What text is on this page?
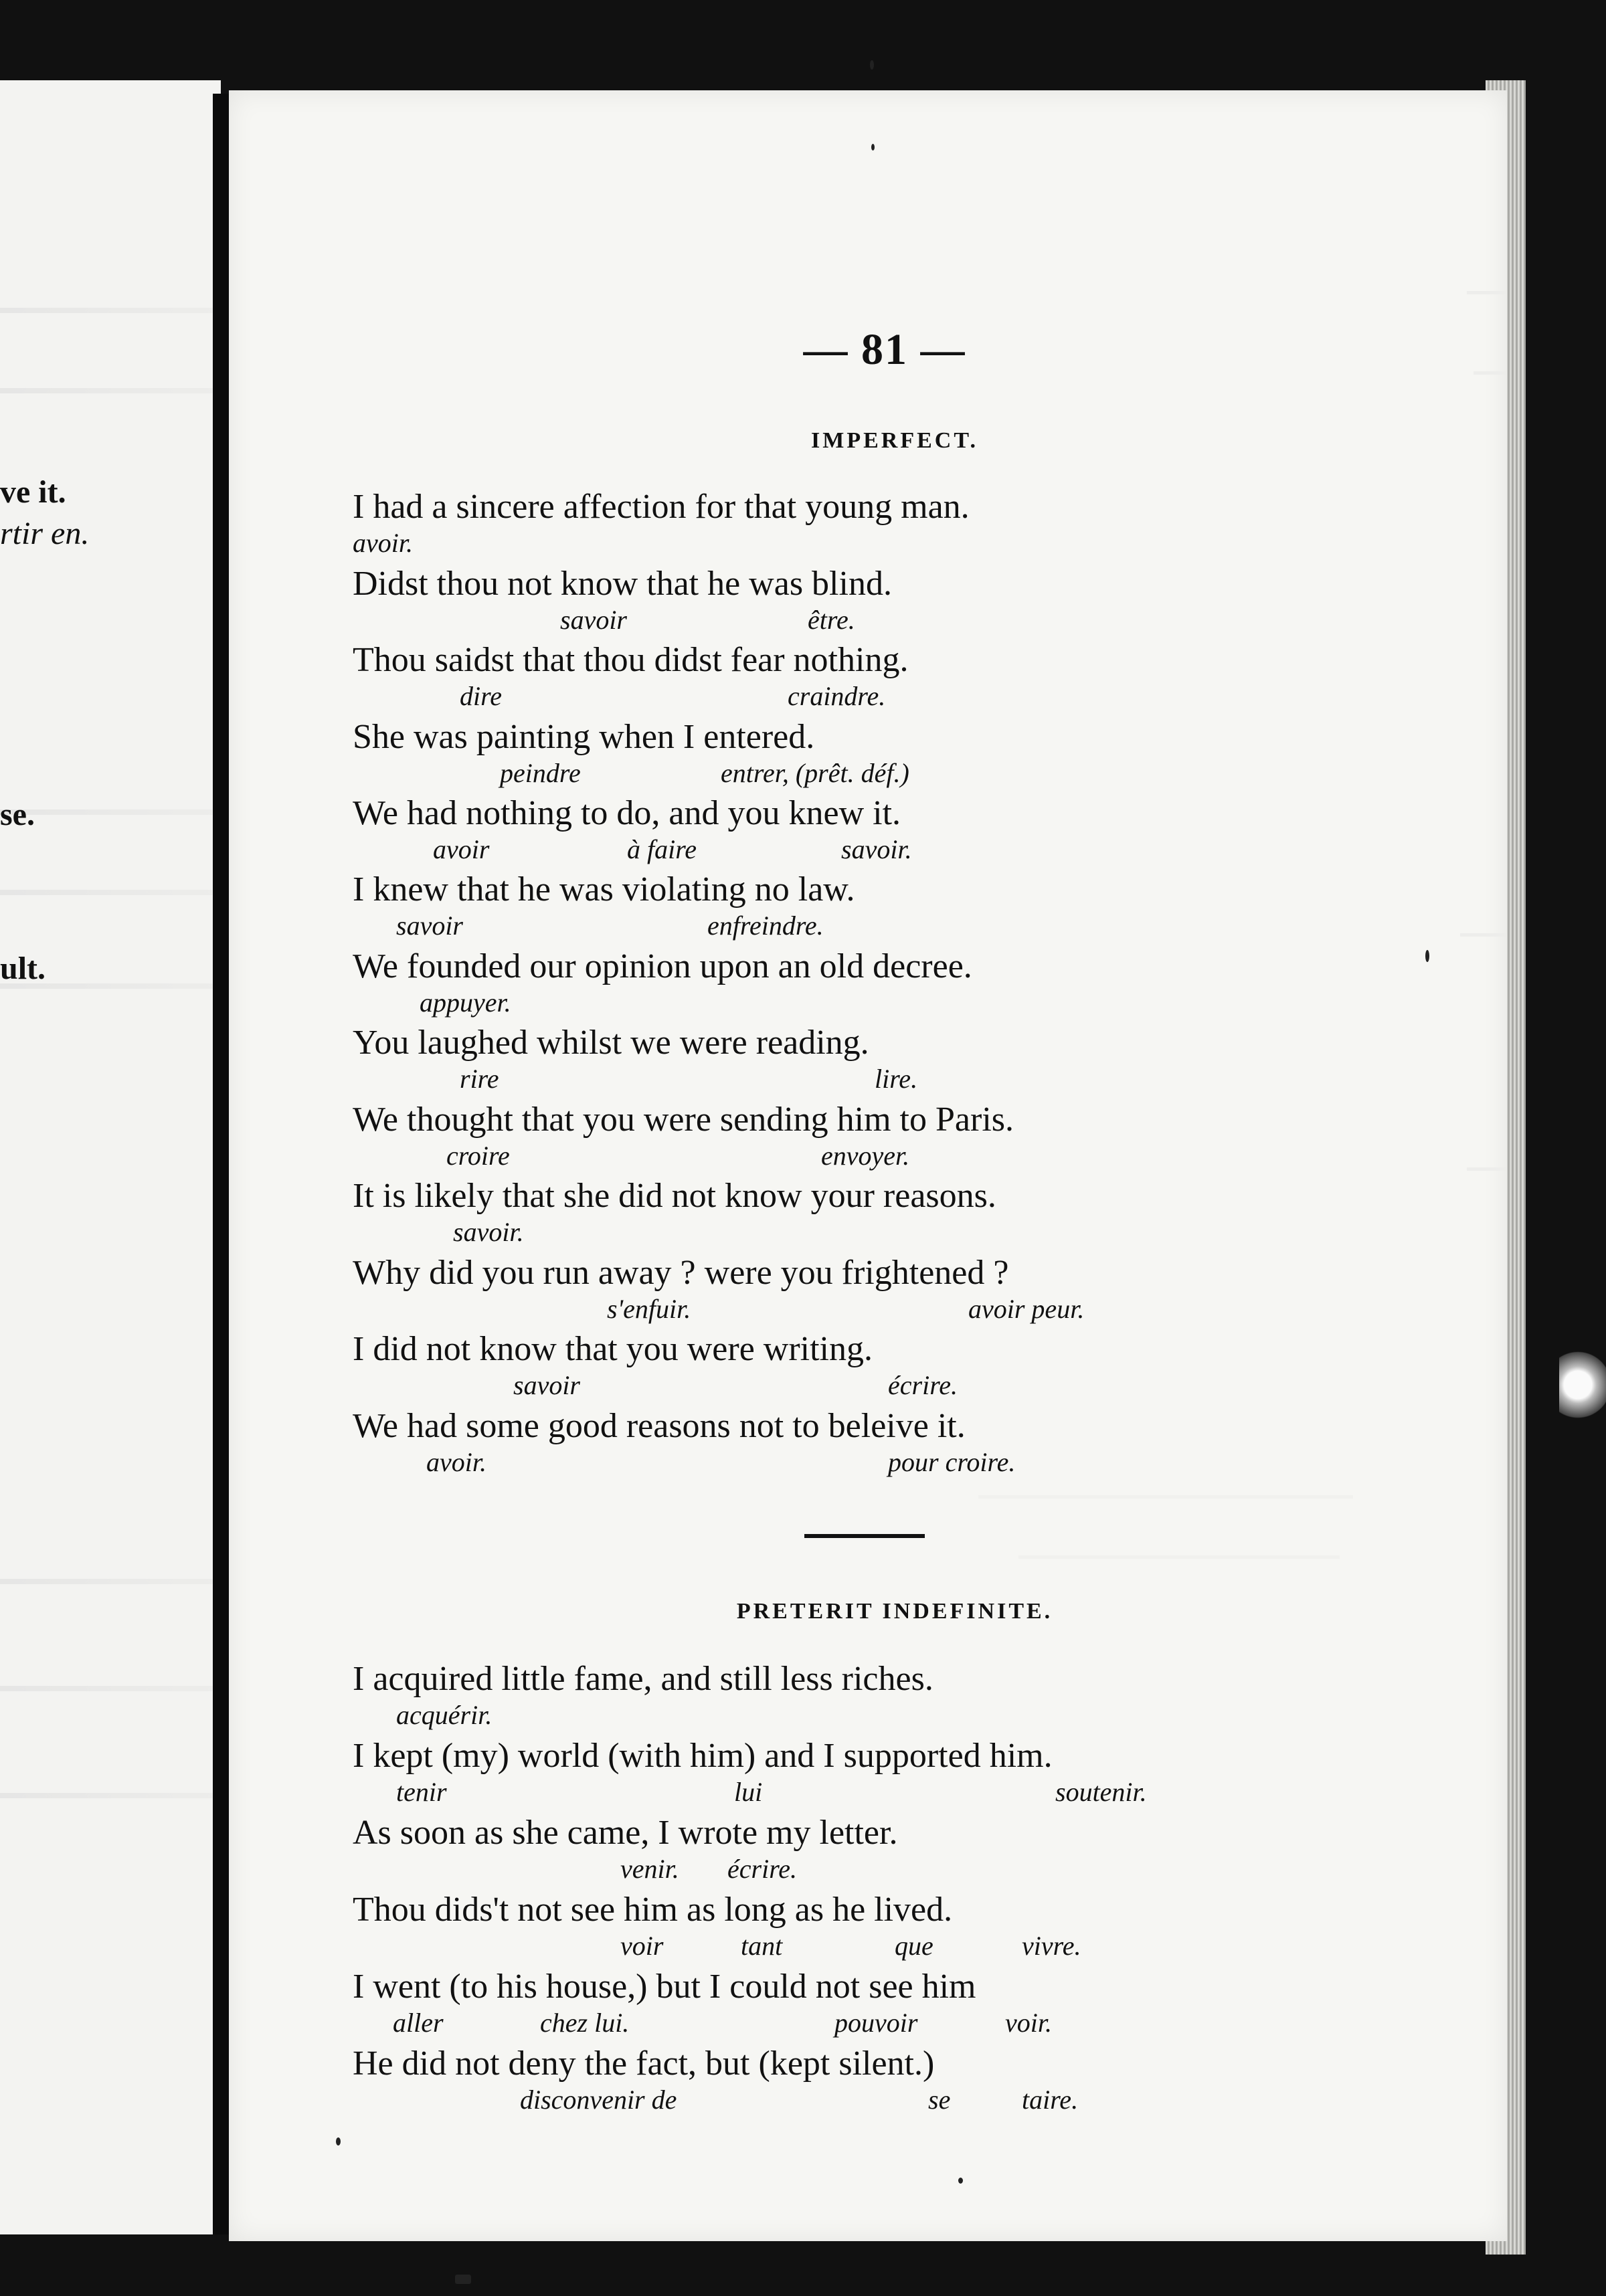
ve it.
rtir en.
se.
ult.
— 81 —
IMPERFECT.
I had a sincere affection for that young man.
avoir.
Didst thou not know that he was blind.
savoir	être.
Thou saidst that thou didst fear nothing.
dire	craindre.
She was painting when I entered.
peindre	entrer, (prêt. déf.)
We had nothing to do, and you knew it.
avoir	à faire	savoir.
I knew that he was violating no law.
savoir	enfreindre.
We founded our opinion upon an old decree.
appuyer.
You laughed whilst we were reading.
rire	lire.
We thought that you were sending him to Paris.
croire	envoyer.
It is likely that she did not know your reasons.
savoir.
Why did you run away ? were you frightened ?
s'enfuir.	avoir peur.
I did not know that you were writing.
savoir	écrire.
We had some good reasons not to beleive it.
avoir.	pour croire.
PRETERIT INDEFINITE.
I acquired little fame, and still less riches.
acquérir.
I kept (my) world (with him) and I supported him.
tenir	lui	soutenir.
As soon as she came, I wrote my letter.
venir. écrire.
Thou dids't not see him as long as he lived.
voir	tant	que	vivre.
I went (to his house,) but I could not see him
aller	chez lui.	pouvoir	voir.
He did not deny the fact, but (kept silent.)
disconvenir de	se	taire.
